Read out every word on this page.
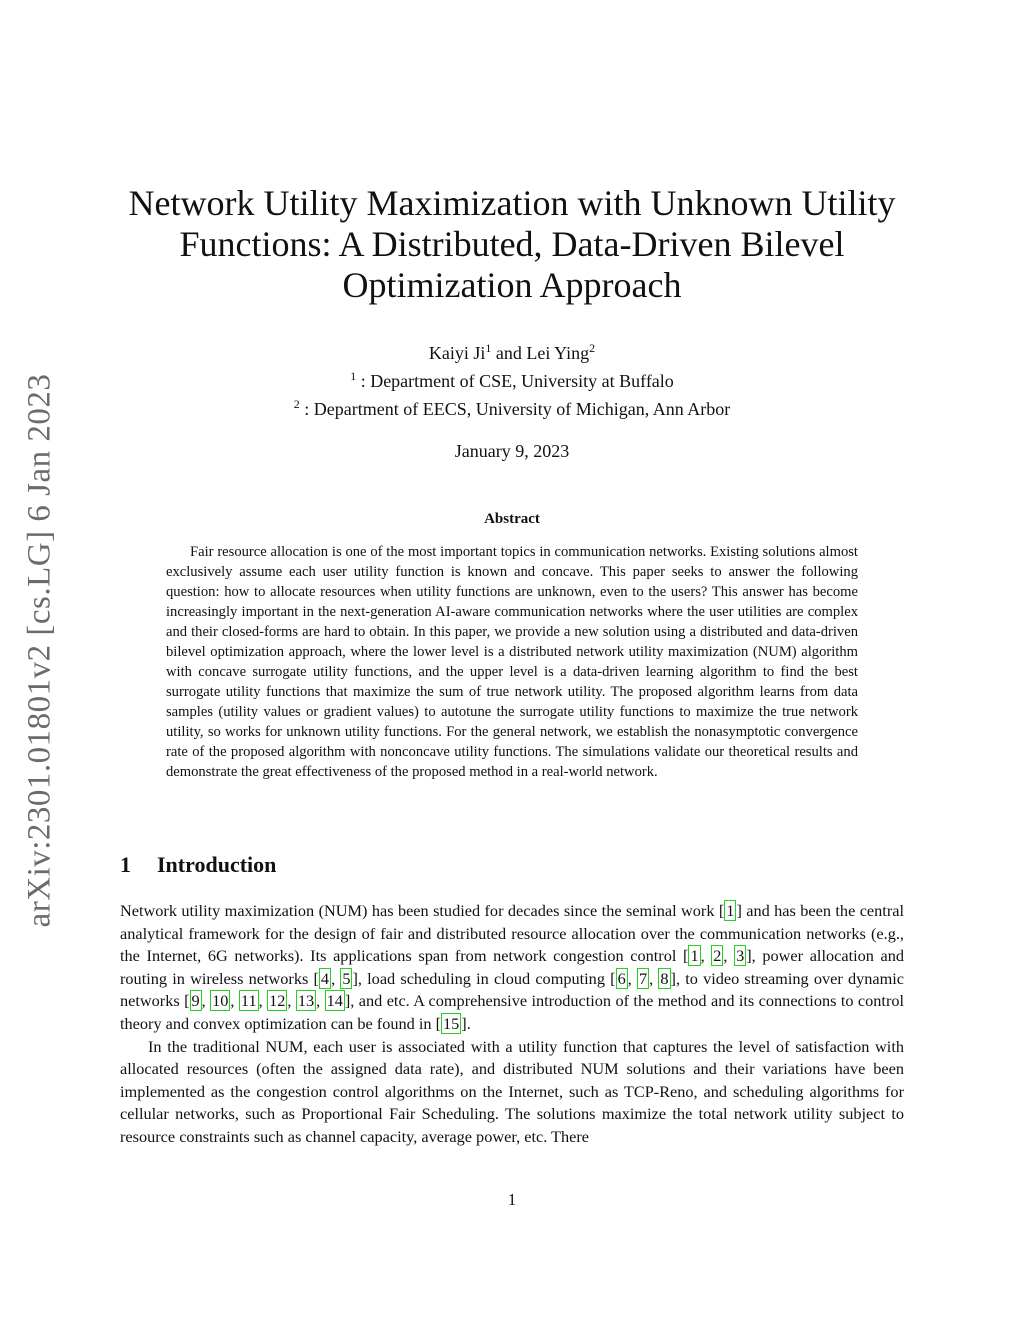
arXiv:2301.01801v2 [cs.LG] 6 Jan 2023
Network Utility Maximization with Unknown Utility
Functions: A Distributed, Data-Driven Bilevel
Optimization Approach
Kaiyi Ji$^1$ and Lei Ying$^2$
$^1$ : Department of CSE, University at Buffalo
$^2$ : Department of EECS, University of Michigan, Ann Arbor
January 9, 2023
Abstract

Fair resource allocation is one of the most important topics in communication networks. Existing solutions almost exclusively assume each user utility function is known and concave. This paper seeks to answer the following question: how to allocate resources when utility functions are unknown, even to the users? This answer has become increasingly important in the next-generation AI-aware communication networks where the user utilities are complex and their closed-forms are hard to obtain. In this paper, we provide a new solution using a distributed and data-driven bilevel optimization approach, where the lower level is a distributed network utility maximization (NUM) algorithm with concave surrogate utility functions, and the upper level is a data-driven learning algorithm to find the best surrogate utility functions that maximize the sum of true network utility. The proposed algorithm learns from data samples (utility values or gradient values) to autotune the surrogate utility functions to maximize the true network utility, so works for unknown utility functions. For the general network, we establish the nonasymptotic convergence rate of the proposed algorithm with nonconcave utility functions. The simulations validate our theoretical results and demonstrate the great effectiveness of the proposed method in a real-world network.

1 Introduction

Network utility maximization (NUM) has been studied for decades since the seminal work [ 1 ] and has been the central analytical framework for the design of fair and distributed resource allocation over the communication networks (e.g., the Internet, 6G networks). Its applications span from network congestion control [ 1 , 2 , 3 ], power allocation and routing in wireless networks [ 4 , 5 ], load scheduling in cloud computing [ 6 , 7 , 8 ], to video streaming over dynamic networks [ 9 , 10 , 11 , 12 , 13 , 14 ], and etc. A comprehensive introduction of the method and its connections to control theory and convex optimization can be found in [ 15 ].

In the traditional NUM, each user is associated with a utility function that captures the level of satisfaction with allocated resources (often the assigned data rate), and distributed NUM solutions and their variations have been implemented as the congestion control algorithms on the Internet, such as TCP-Reno, and scheduling algorithms for cellular networks, such as Proportional Fair Scheduling. The solutions maximize the total network utility subject to resource constraints such as channel capacity, average power, etc. There

1
